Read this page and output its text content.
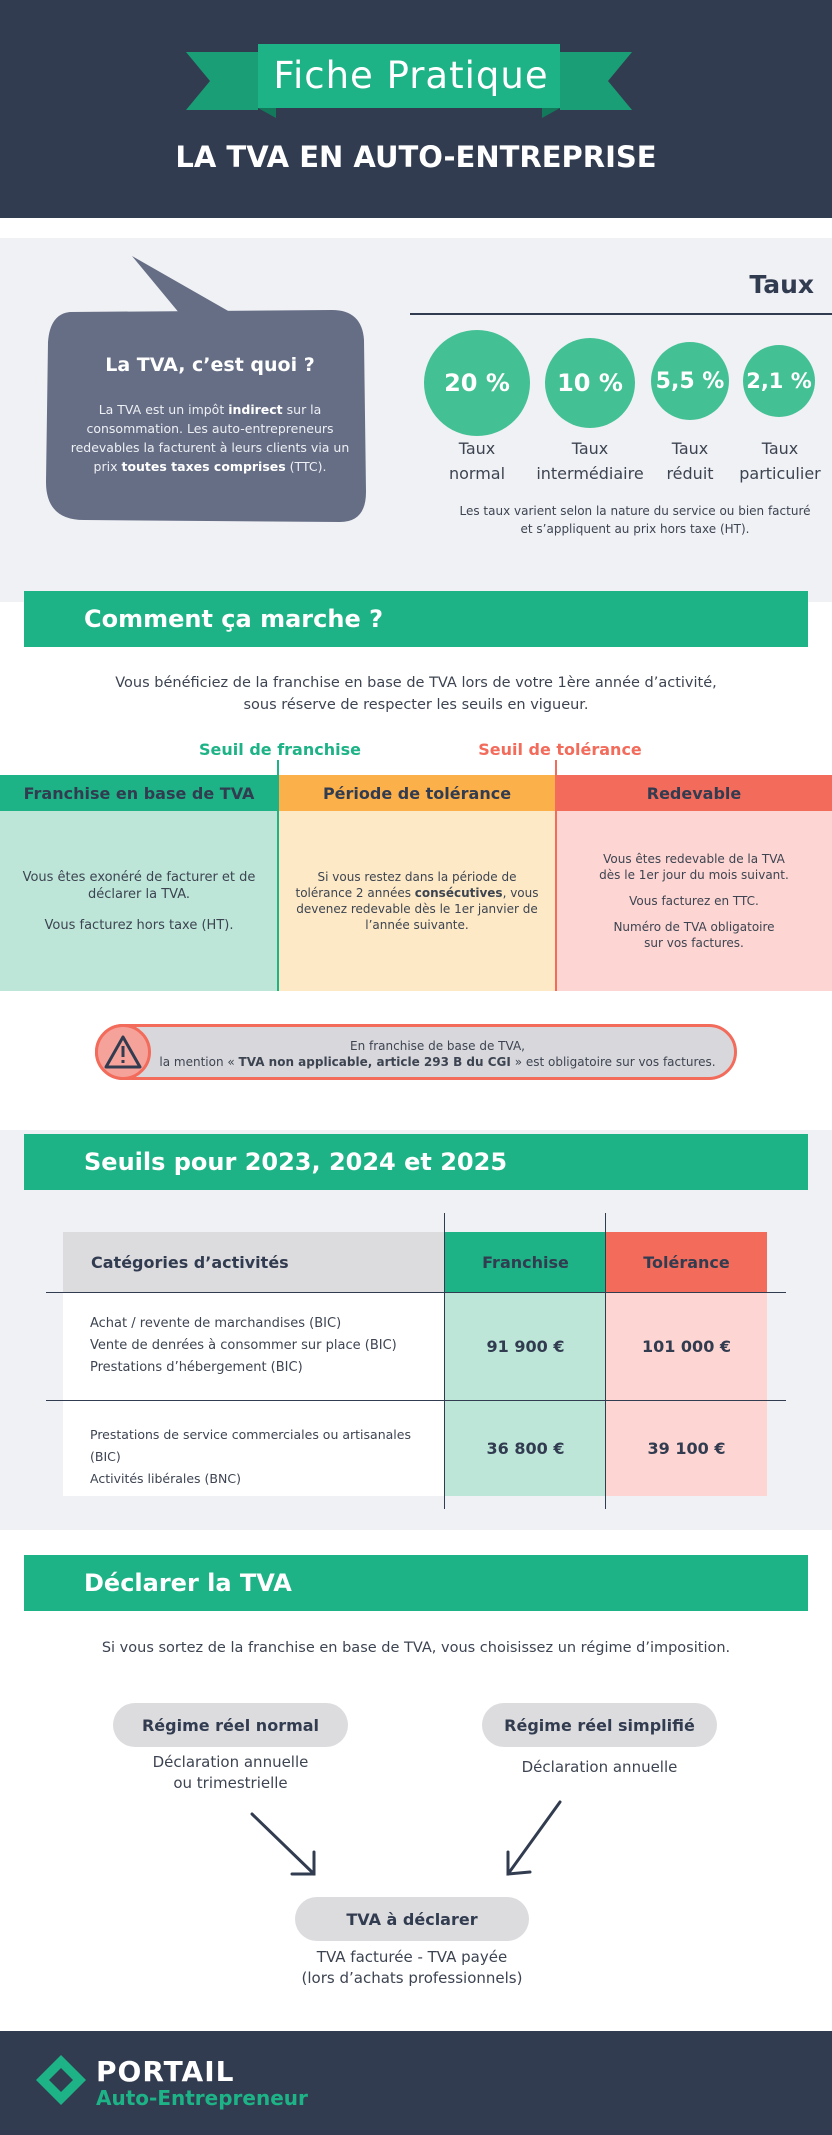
Fiche Pratique
LA TVA EN AUTO-ENTREPRISE
La TVA, c’est quoi ?
La TVA est un impôt indirect sur la consommation. Les auto-entrepreneurs redevables la facturent à leurs clients via un prix toutes taxes comprises (TTC).
Taux
20 %
Taux
normal
10 %
Taux
intermédiaire
5,5 %
Taux
réduit
2,1 %
Taux
particulier
Les taux varient selon la nature du service ou bien facturé
et s’appliquent au prix hors taxe (HT).
Comment ça marche ?
Vous bénéficiez de la franchise en base de TVA lors de votre 1ère année d’activité,
sous réserve de respecter les seuils en vigueur.
Seuil de franchise	Seuil de tolérance
Franchise en base de TVA	Période de tolérance	Redevable
Vous êtes exonéré de facturer et de
déclarer la TVA.
Vous facturez hors taxe (HT).
Si vous restez dans la période de
tolérance 2 années consécutives, vous
devenez redevable dès le 1er janvier de
l’année suivante.
Vous êtes redevable de la TVA
dès le 1er jour du mois suivant.
Vous facturez en TTC.
Numéro de TVA obligatoire
sur vos factures.
En franchise de base de TVA,
la mention « TVA non applicable, article 293 B du CGI » est obligatoire sur vos factures.
Seuils pour 2023, 2024 et 2025
Catégories d’activités	Franchise	Tolérance
Achat / revente de marchandises (BIC)
Vente de denrées à consommer sur place (BIC)
Prestations d’hébergement (BIC)
91 900 €	101 000 €
Prestations de service commerciales ou artisanales (BIC)
Activités libérales (BNC)
36 800 €	39 100 €
Déclarer la TVA
Si vous sortez de la franchise en base de TVA, vous choisissez un régime d’imposition.
Régime réel normal
Déclaration annuelle
ou trimestrielle
Régime réel simplifié
Déclaration annuelle
TVA à déclarer
TVA facturée - TVA payée
(lors d’achats professionnels)
PORTAIL
Auto-Entrepreneur
